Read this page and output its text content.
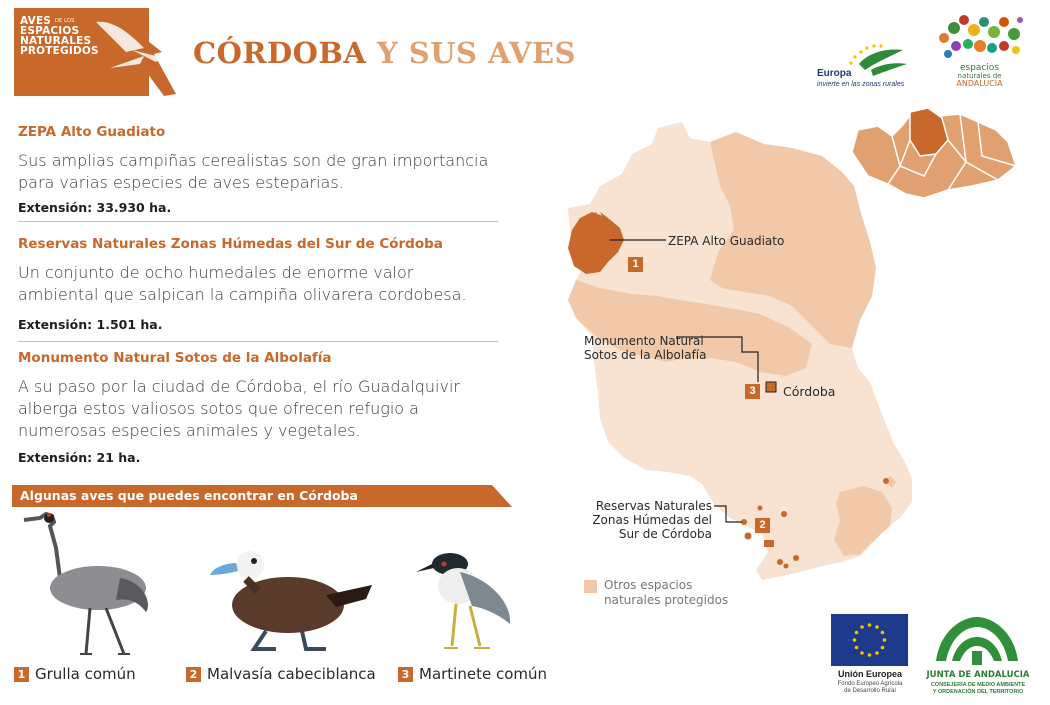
AVES $^{DE LOS}$
ESPACIOS
NATURALES
PROTEGIDOS	CÓRDOBA Y SUS AVES
Europa
invierte en las zonas rurales
espacios
naturales de
ANDALUCÍA
ZEPA Alto Guadiato
Sus amplias campiñas cerealistas son de gran importancia para varias especies de aves esteparias.
Extensión: 33.930 ha.
Reservas Naturales Zonas Húmedas del Sur de Córdoba
Un conjunto de ocho humedales de enorme valor ambiental que salpican la campiña olivarera cordobesa.
Extensión: 1.501 ha.
Monumento Natural Sotos de la Albolafía
A su paso por la ciudad de Córdoba, el río Guadalquivir alberga estos valiosos sotos que ofrecen refugio a numerosas especies animales y vegetales.
Extensión: 21 ha.
Algunas aves que puedes encontrar en Córdoba
1 Grulla común	2 Malvasía cabeciblanca	3 Martinete común
ZEPA Alto Guadiato
1
Monumento Natural
Sotos de la Albolafía
3	Córdoba
Reservas Naturales
Zonas Húmedas del
Sur de Córdoba
2
Otros espacios
naturales protegidos
Unión Europea
Fondo Europeo Agrícola
de Desarrollo Rural
JUNTA DE ANDALUCIA
CONSEJERÍA DE MEDIO AMBIENTE
Y ORDENACIÓN DEL TERRITORIO
